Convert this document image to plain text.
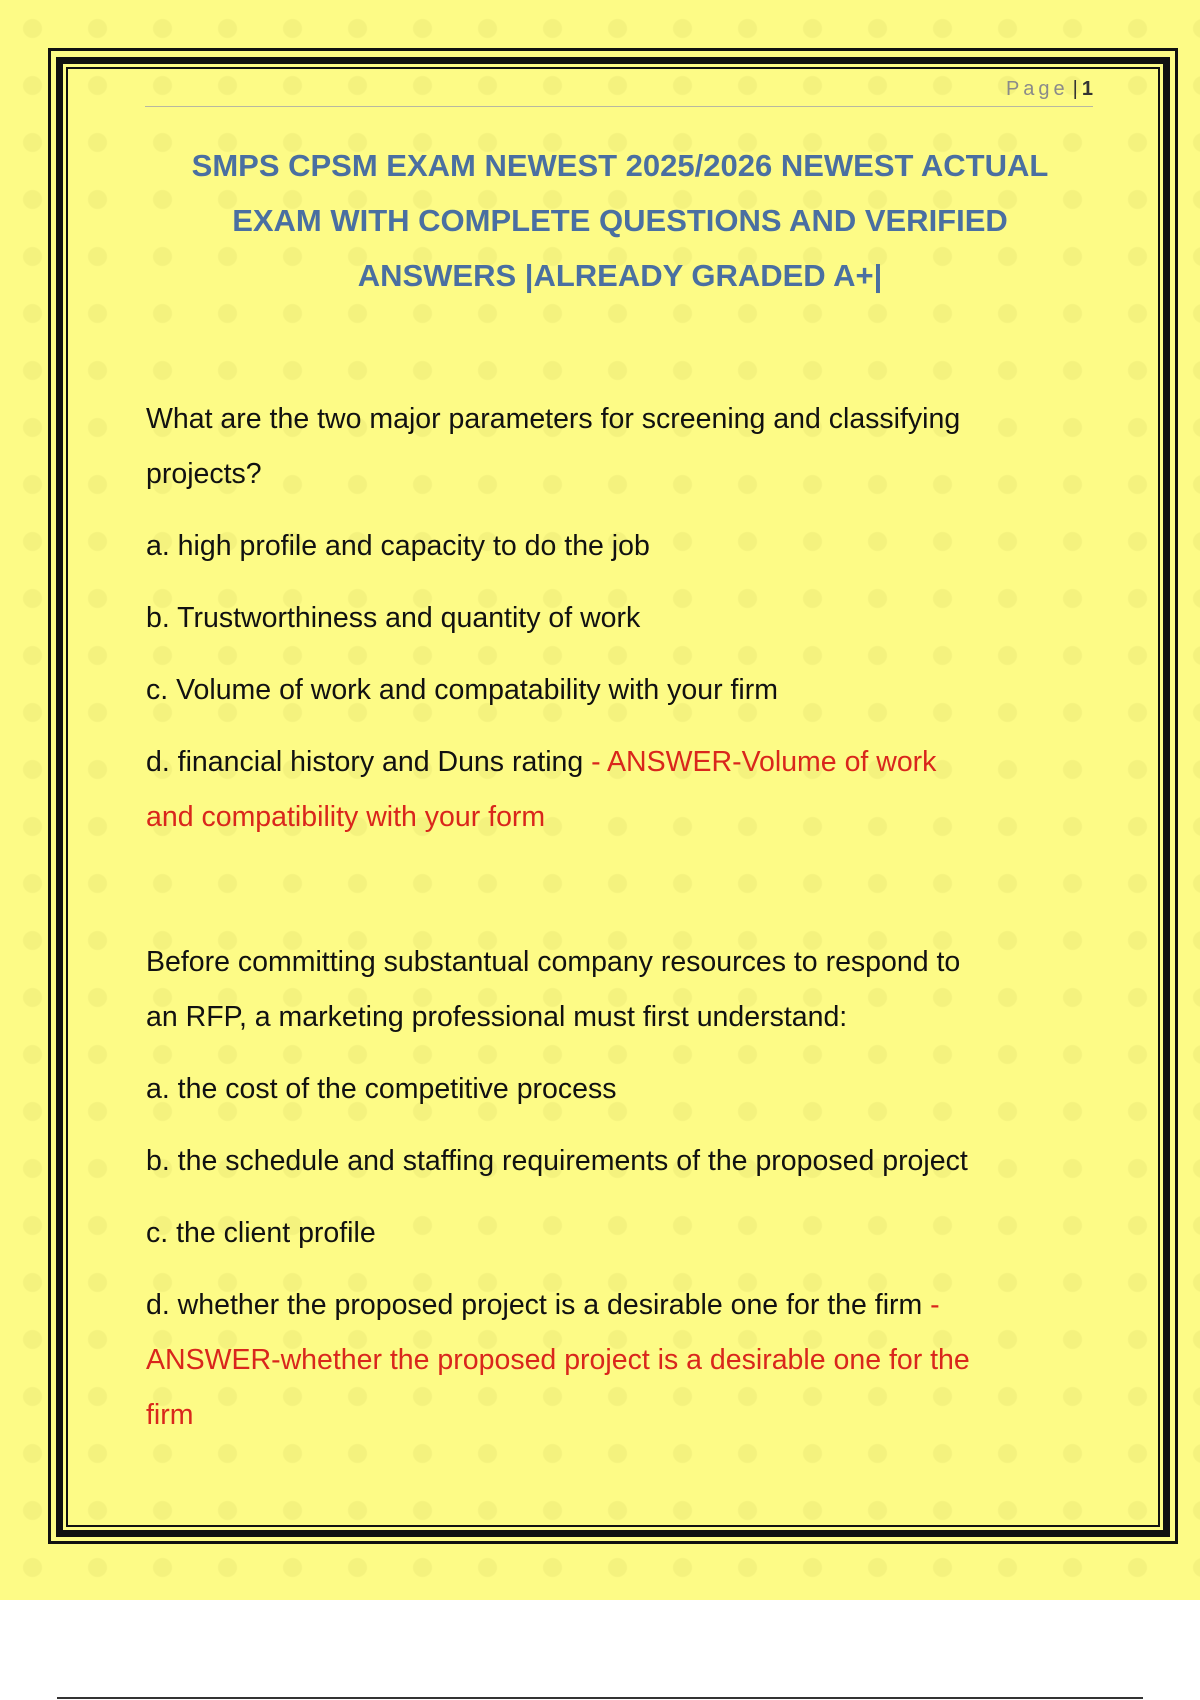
Page | 1
SMPS CPSM EXAM NEWEST 2025/2026 NEWEST ACTUAL
EXAM WITH COMPLETE QUESTIONS AND VERIFIED
ANSWERS |ALREADY GRADED A+|

What are the two major parameters for screening and classifying

projects?

a. high profile and capacity to do the job

b. Trustworthiness and quantity of work

c. Volume of work and compatability with your firm

d. financial history and Duns rating - ANSWER-Volume of work

and compatibility with your form

Before committing substantual company resources to respond to

an RFP, a marketing professional must first understand:

a. the cost of the competitive process

b. the schedule and staffing requirements of the proposed project

c. the client profile

d. whether the proposed project is a desirable one for the firm -

ANSWER-whether the proposed project is a desirable one for the

firm
